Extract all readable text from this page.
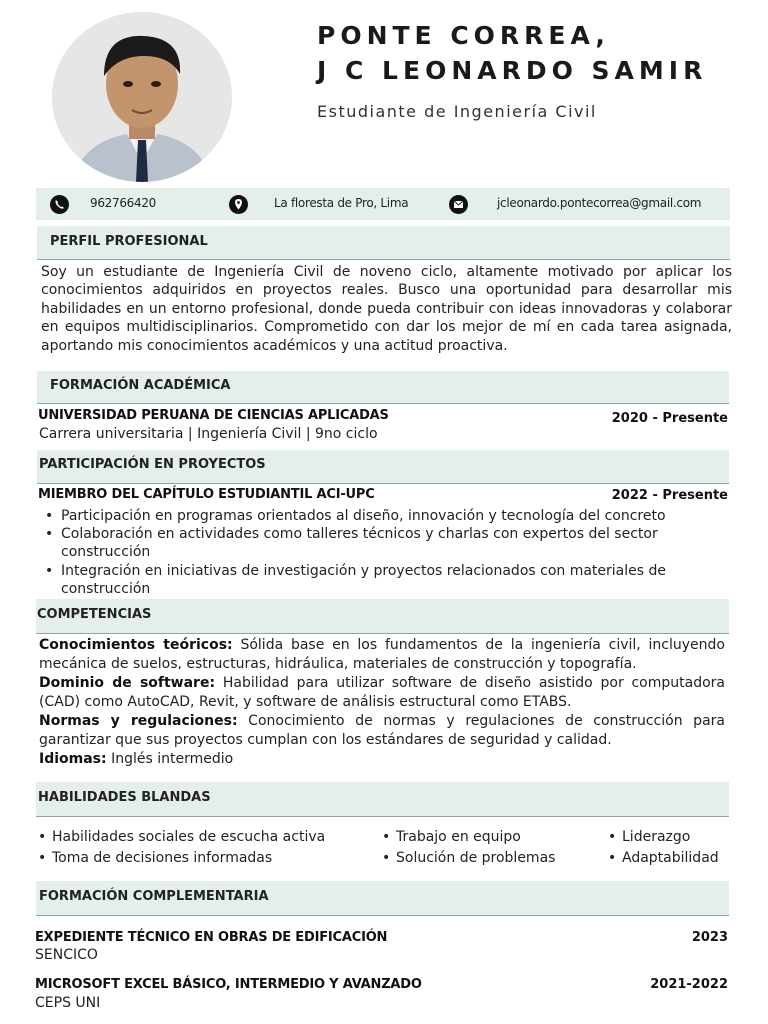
PONTE CORREA,
J C LEONARDO SAMIR
Estudiante de Ingeniería Civil
962766420	La floresta de Pro, Lima	jcleonardo.pontecorrea@gmail.com
PERFIL PROFESIONAL
Soy un estudiante de Ingeniería Civil de noveno ciclo, altamente motivado por aplicar los conocimientos adquiridos en proyectos reales. Busco una oportunidad para desarrollar mis habilidades en un entorno profesional, donde pueda contribuir con ideas innovadoras y colaborar en equipos multidisciplinarios. Comprometido con dar los mejor de mí en cada tarea asignada, aportando mis conocimientos académicos y una actitud proactiva.
FORMACIÓN ACADÉMICA
UNIVERSIDAD PERUANA DE CIENCIAS APLICADAS	2020 - Presente
Carrera universitaria | Ingeniería Civil | 9no ciclo
PARTICIPACIÓN EN PROYECTOS
MIEMBRO DEL CAPÍTULO ESTUDIANTIL ACI-UPC	2022 - Presente
• Participación en programas orientados al diseño, innovación y tecnología del concreto
• Colaboración en actividades como talleres técnicos y charlas con expertos del sector construcción
• Integración en iniciativas de investigación y proyectos relacionados con materiales de construcción
COMPETENCIAS
Conocimientos teóricos: Sólida base en los fundamentos de la ingeniería civil, incluyendo mecánica de suelos, estructuras, hidráulica, materiales de construcción y topografía.
Dominio de software: Habilidad para utilizar software de diseño asistido por computadora (CAD) como AutoCAD, Revit, y software de análisis estructural como ETABS.
Normas y regulaciones: Conocimiento de normas y regulaciones de construcción para garantizar que sus proyectos cumplan con los estándares de seguridad y calidad.
Idiomas: Inglés intermedio
HABILIDADES BLANDAS
• Habilidades sociales de escucha activa
• Toma de decisiones informadas
• Trabajo en equipo
• Solución de problemas
• Liderazgo
• Adaptabilidad
FORMACIÓN COMPLEMENTARIA
EXPEDIENTE TÉCNICO EN OBRAS DE EDIFICACIÓN	2023
SENCICO
MICROSOFT EXCEL BÁSICO, INTERMEDIO Y AVANZADO	2021-2022
CEPS UNI
